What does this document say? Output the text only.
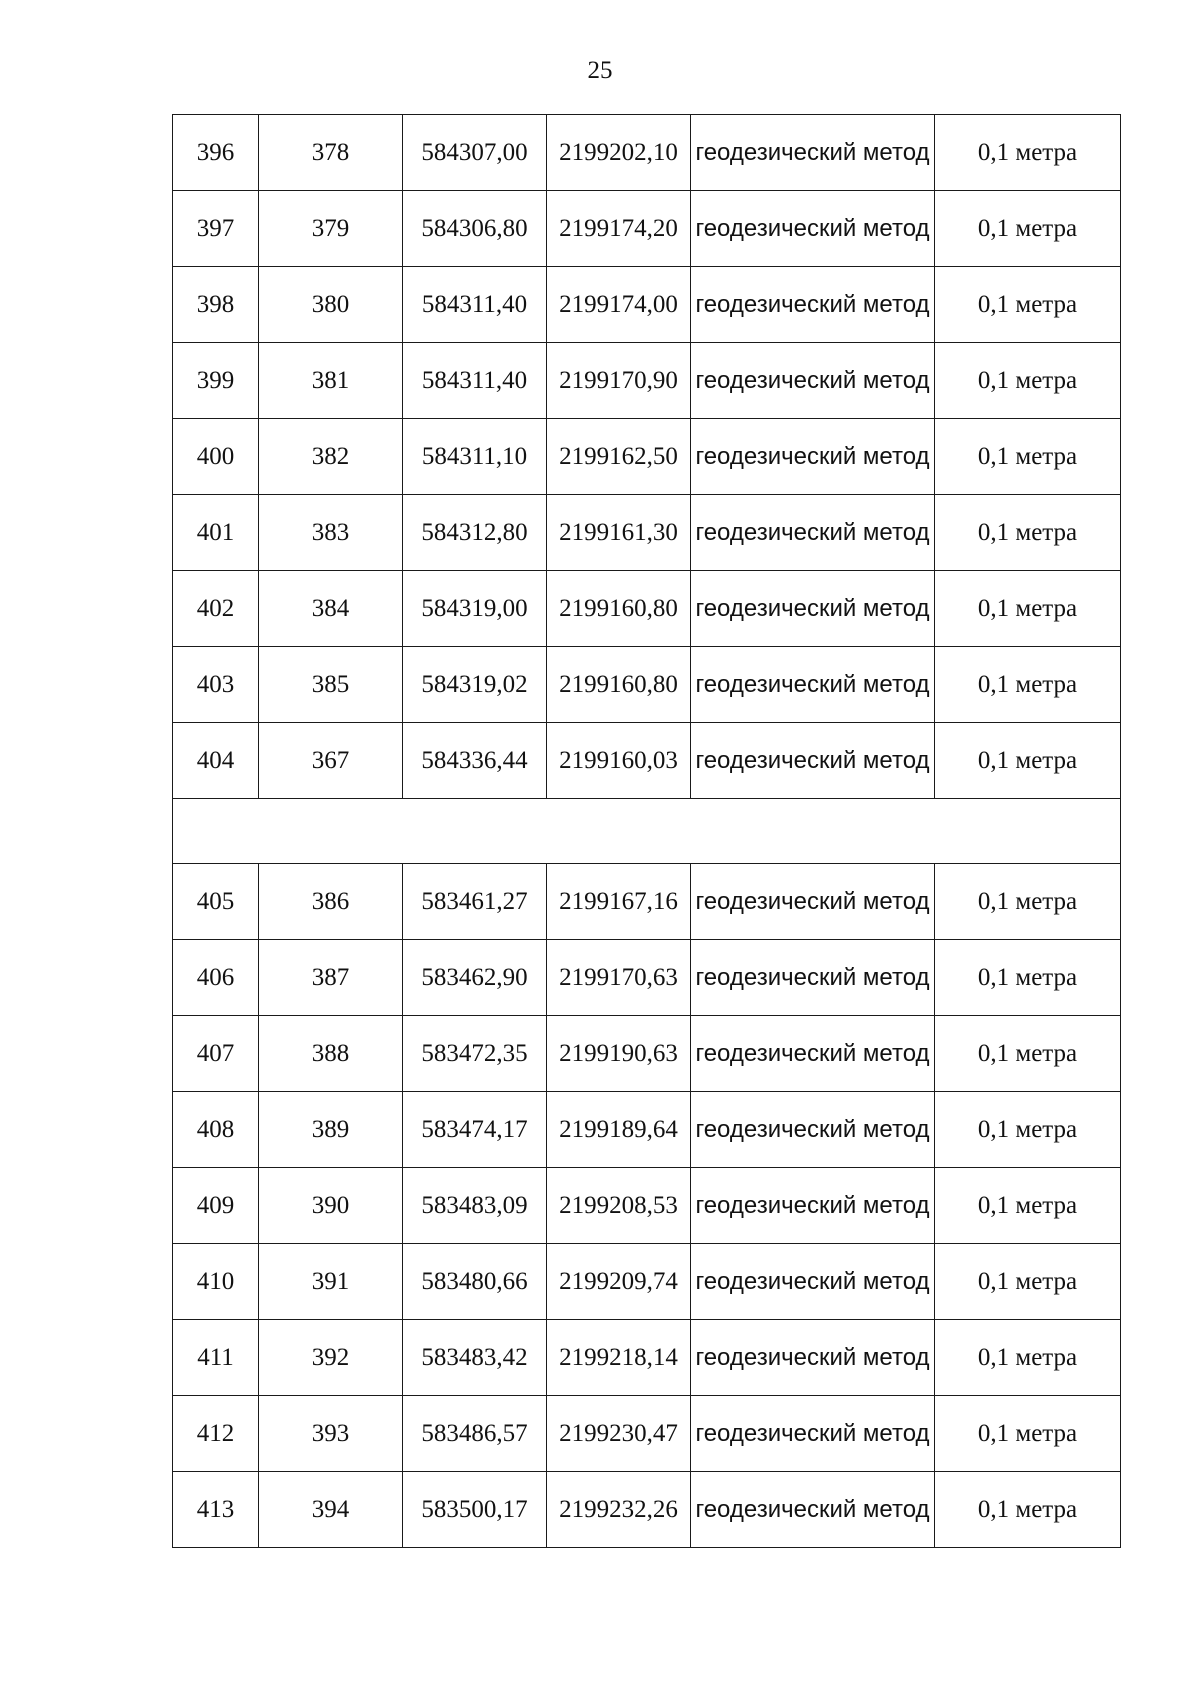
25
396	378	584307,00	2199202,10	геодезический метод	0,1 метра
397	379	584306,80	2199174,20	геодезический метод	0,1 метра
398	380	584311,40	2199174,00	геодезический метод	0,1 метра
399	381	584311,40	2199170,90	геодезический метод	0,1 метра
400	382	584311,10	2199162,50	геодезический метод	0,1 метра
401	383	584312,80	2199161,30	геодезический метод	0,1 метра
402	384	584319,00	2199160,80	геодезический метод	0,1 метра
403	385	584319,02	2199160,80	геодезический метод	0,1 метра
404	367	584336,44	2199160,03	геодезический метод	0,1 метра

405	386	583461,27	2199167,16	геодезический метод	0,1 метра
406	387	583462,90	2199170,63	геодезический метод	0,1 метра
407	388	583472,35	2199190,63	геодезический метод	0,1 метра
408	389	583474,17	2199189,64	геодезический метод	0,1 метра
409	390	583483,09	2199208,53	геодезический метод	0,1 метра
410	391	583480,66	2199209,74	геодезический метод	0,1 метра
411	392	583483,42	2199218,14	геодезический метод	0,1 метра
412	393	583486,57	2199230,47	геодезический метод	0,1 метра
413	394	583500,17	2199232,26	геодезический метод	0,1 метра
